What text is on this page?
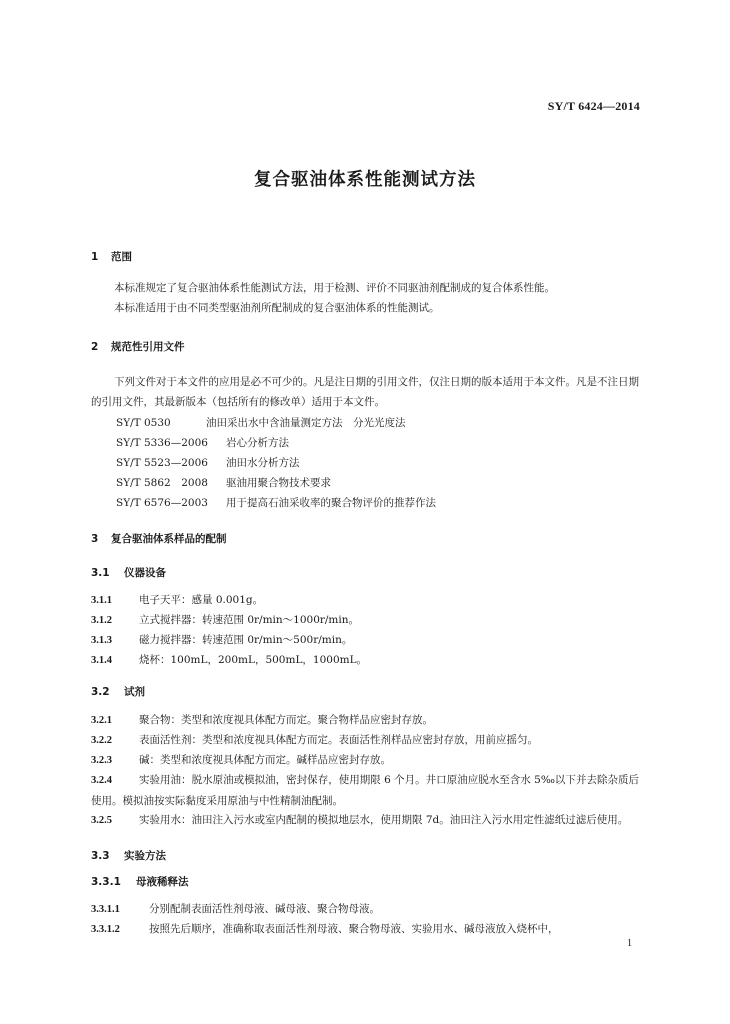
SY/T 6424—2014
复合驱油体系性能测试方法
1 范围
本标准规定了复合驱油体系性能测试方法，用于检测、评价不同驱油剂配制成的复合体系性能。
本标准适用于由不同类型驱油剂所配制成的复合驱油体系的性能测试。
2 规范性引用文件
下列文件对于本文件的应用是必不可少的。凡是注日期的引用文件，仅注日期的版本适用于本文件。凡是不注日期的引用文件，其最新版本（包括所有的修改单）适用于本文件。
SY/T 0530	油田采出水中含油量测定方法　分光光度法
SY/T 5336—2006 岩心分析方法
SY/T 5523—2006 油田水分析方法
SY/T 5862　2008 驱油用聚合物技术要求
SY/T 6576—2003 用于提高石油采收率的聚合物评价的推荐作法
3 复合驱油体系样品的配制
3.1 仪器设备
3.1.1	电子天平：感量 0.001g。
3.1.2	立式搅拌器：转速范围 0r/min～1000r/min。
3.1.3	磁力搅拌器：转速范围 0r/min～500r/min。
3.1.4	烧杯：100mL，200mL，500mL，1000mL。
3.2 试剂
3.2.1	聚合物：类型和浓度视具体配方而定。聚合物样品应密封存放。
3.2.2	表面活性剂：类型和浓度视具体配方而定。表面活性剂样品应密封存放，用前应摇匀。
3.2.3	碱：类型和浓度视具体配方而定。碱样品应密封存放。
3.2.4	实验用油：脱水原油或模拟油，密封保存，使用期限 6 个月。井口原油应脱水至含水 5‰以下并去除杂质后使用。模拟油按实际黏度采用原油与中性精制油配制。
3.2.5	实验用水：油田注入污水或室内配制的模拟地层水，使用期限 7d。油田注入污水用定性滤纸过滤后使用。
3.3 实验方法
3.3.1 母液稀释法
3.3.1.1	分别配制表面活性剂母液、碱母液、聚合物母液。
3.3.1.2	按照先后顺序，准确称取表面活性剂母液、聚合物母液、实验用水、碱母液放入烧杯中，
1
